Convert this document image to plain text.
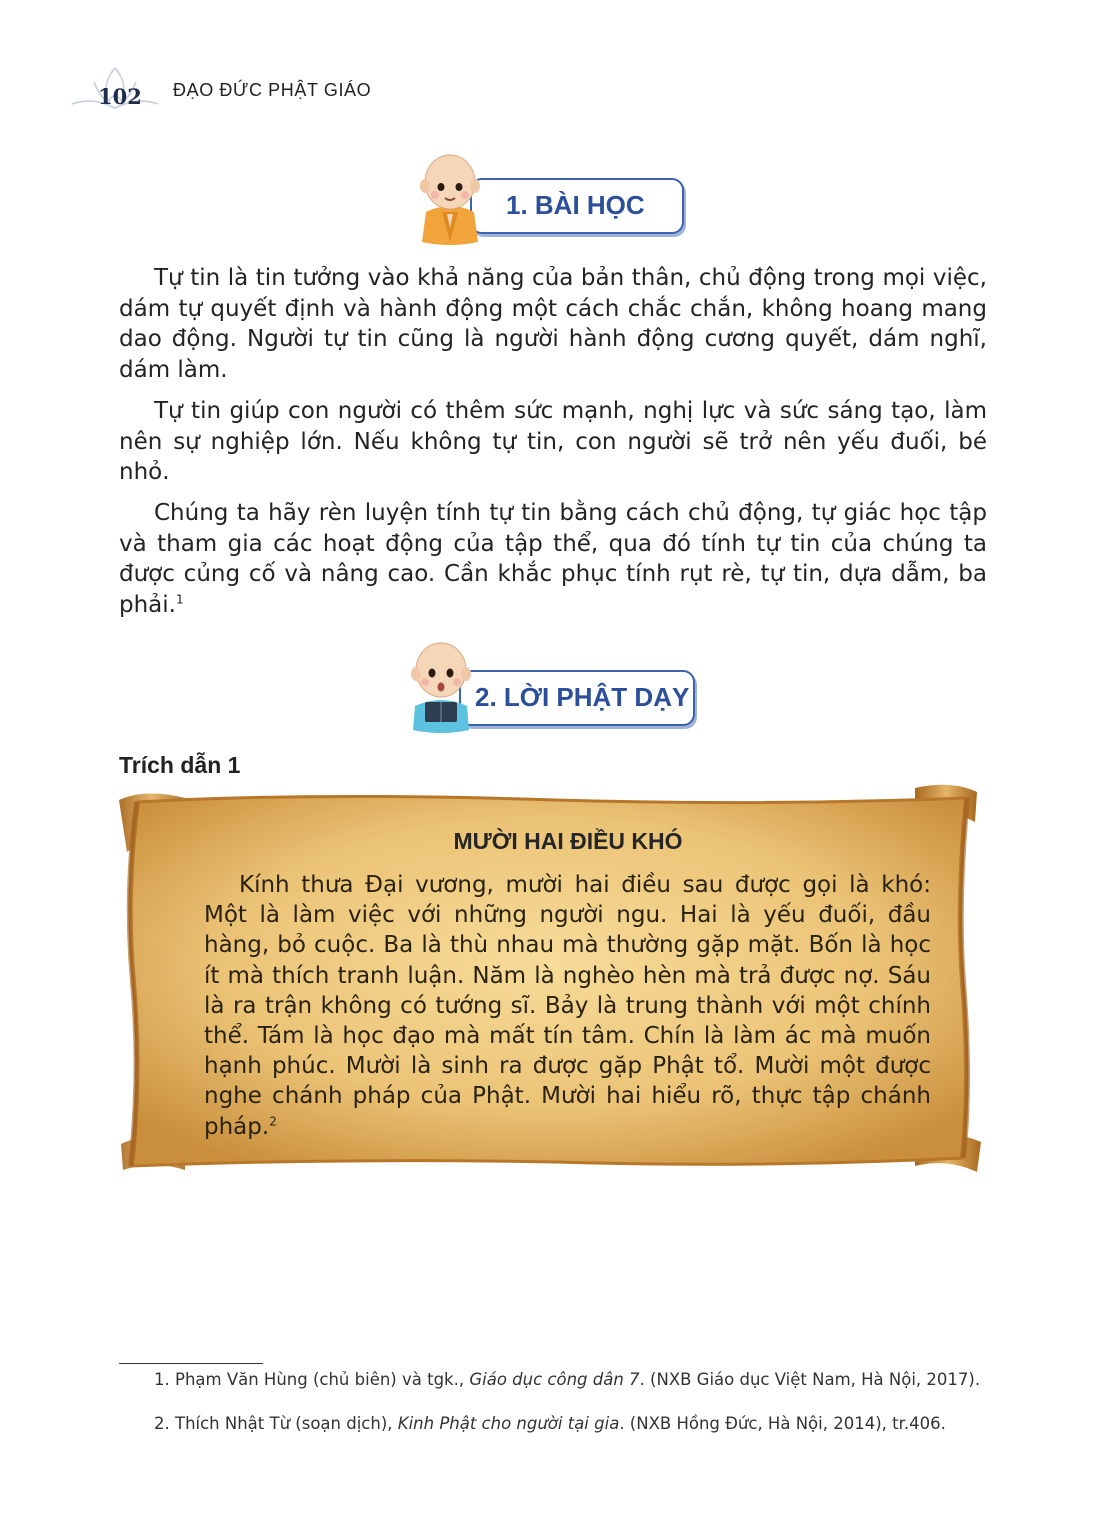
102 ĐẠO ĐỨC PHẬT GIÁO
1. BÀI HỌC

Tự tin là tin tưởng vào khả năng của bản thân, chủ động trong mọi việc, dám tự quyết định và hành động một cách chắc chắn, không hoang mang dao động. Người tự tin cũng là người hành động cương quyết, dám nghĩ, dám làm.

Tự tin giúp con người có thêm sức mạnh, nghị lực và sức sáng tạo, làm nên sự nghiệp lớn. Nếu không tự tin, con người sẽ trở nên yếu đuối, bé nhỏ.

Chúng ta hãy rèn luyện tính tự tin bằng cách chủ động, tự giác học tập và tham gia các hoạt động của tập thể, qua đó tính tự tin của chúng ta được củng cố và nâng cao. Cần khắc phục tính rụt rè, tự tin, dựa dẫm, ba phải.$^1$

2. LỜI PHẬT DẠY
Trích dẫn 1
MƯỜI HAI ĐIỀU KHÓ

Kính thưa Đại vương, mười hai điều sau được gọi là khó: Một là làm việc với những người ngu. Hai là yếu đuối, đầu hàng, bỏ cuộc. Ba là thù nhau mà thường gặp mặt. Bốn là học ít mà thích tranh luận. Năm là nghèo hèn mà trả được nợ. Sáu là ra trận không có tướng sĩ. Bảy là trung thành với một chính thể. Tám là học đạo mà mất tín tâm. Chín là làm ác mà muốn hạnh phúc. Mười là sinh ra được gặp Phật tổ. Mười một được nghe chánh pháp của Phật. Mười hai hiểu rõ, thực tập chánh pháp.$^2$

1. Phạm Văn Hùng (chủ biên) và tgk., Giáo dục công dân 7. (NXB Giáo dục Việt Nam, Hà Nội, 2017).

2. Thích Nhật Từ (soạn dịch), Kinh Phật cho người tại gia. (NXB Hồng Đức, Hà Nội, 2014), tr.406.
